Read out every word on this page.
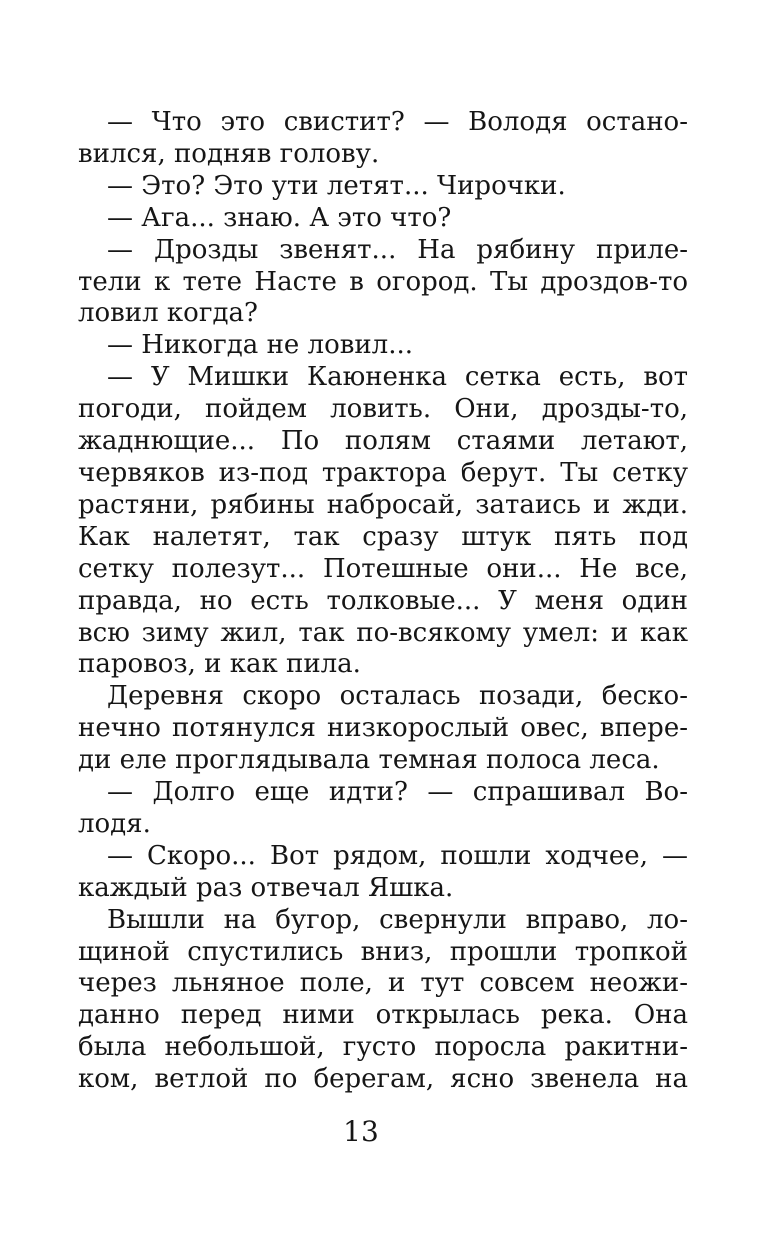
— Что это свистит? — Володя остано-
вился, подняв голову.

— Это? Это ути летят... Чирочки.

— Ага... знаю. А это что?

— Дрозды звенят... На рябину приле-
тели к тете Насте в огород. Ты дроздов-то
ловил когда?

— Никогда не ловил...

— У Мишки Каюненка сетка есть, вот
погоди, пойдем ловить. Они, дрозды-то,
жаднющие... По полям стаями летают,
червяков из-под трактора берут. Ты сетку
растяни, рябины набросай, затаись и жди.
Как налетят, так сразу штук пять под
сетку полезут... Потешные они... Не все,
правда, но есть толковые... У меня один
всю зиму жил, так по-всякому умел: и как
паровоз, и как пила.

Деревня скоро осталась позади, беско-
нечно потянулся низкорослый овес, впере-
ди еле проглядывала темная полоса леса.

— Долго еще идти? — спрашивал Во-
лодя.

— Скоро... Вот рядом, пошли ходчее, —
каждый раз отвечал Яшка.

Вышли на бугор, свернули вправо, ло-
щиной спустились вниз, прошли тропкой
через льняное поле, и тут совсем неожи-
данно перед ними открылась река. Она
была небольшой, густо поросла ракитни-
ком, ветлой по берегам, ясно звенела на

13
